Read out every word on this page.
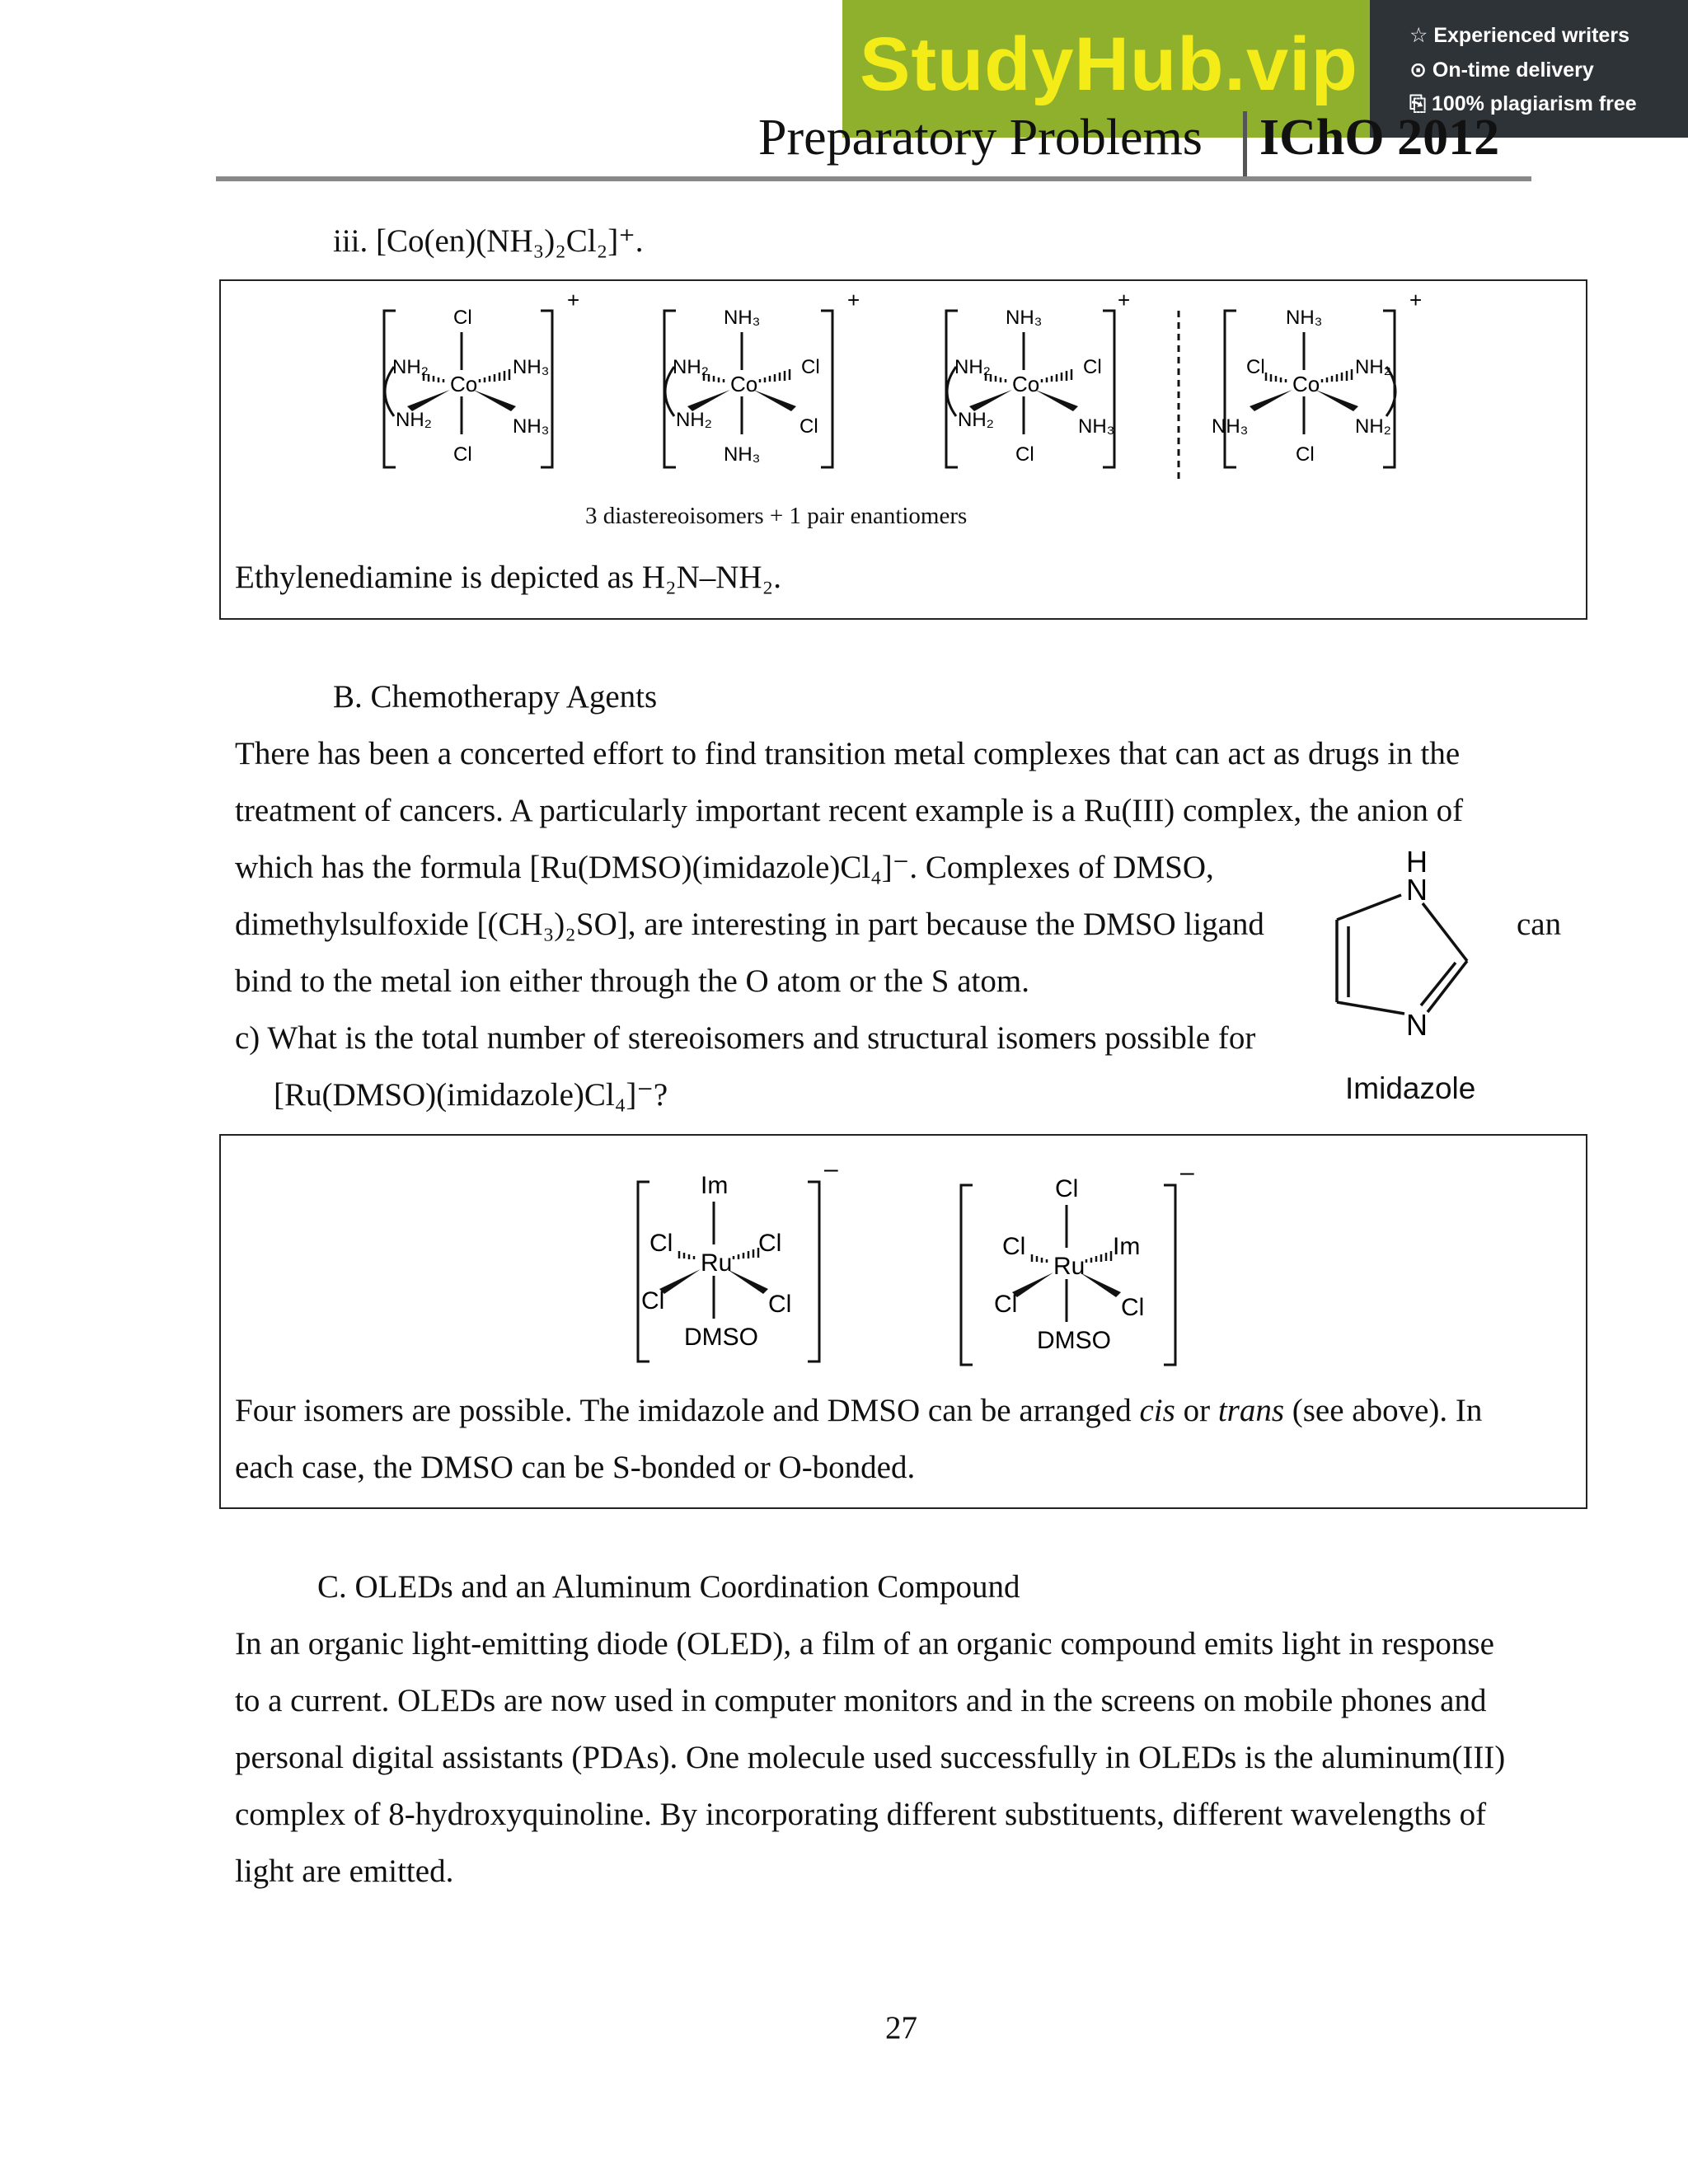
Preparatory Problems IChO 2012
StudyHub.vip ☆ Experienced writers
⊙ On-time delivery
⎘ 100% plagiarism free
iii. [Co(en)(NH₃)₂Cl₂]⁺.
+
Co
Cl
Cl
NH₂
NH₂
NH₃
NH₃
+
Co
NH₃
NH₃
NH₂
NH₂
Cl
Cl
+
Co
NH₃
Cl
NH₂
NH₂
Cl
NH₃
+
Co
NH₃
Cl
Cl
NH₃
NH₂
NH₂
3 diastereoisomers + 1 pair enantiomers
Ethylenediamine is depicted as H₂N–NH₂.
B. Chemotherapy Agents
There has been a concerted effort to find transition metal complexes that can act as drugs in the
treatment of cancers. A particularly important recent example is a Ru(III) complex, the anion of
which has the formula [Ru(DMSO)(imidazole)Cl₄]⁻. Complexes of DMSO,
dimethylsulfoxide [(CH₃)₂SO], are interesting in part because the DMSO ligand	can
bind to the metal ion either through the O atom or the S atom.
c) What is the total number of stereoisomers and structural isomers possible for
[Ru(DMSO)(imidazole)Cl₄]⁻?
H
N
N
Imidazole
–
Ru
Im
DMSO
Cl	Cl
Cl	Cl
–
Ru
Cl
DMSO
Cl	Im
Cl	Cl
Four isomers are possible. The imidazole and DMSO can be arranged cis or trans (see above). In
each case, the DMSO can be S-bonded or O-bonded.
C. OLEDs and an Aluminum Coordination Compound
In an organic light-emitting diode (OLED), a film of an organic compound emits light in response
to a current. OLEDs are now used in computer monitors and in the screens on mobile phones and
personal digital assistants (PDAs). One molecule used successfully in OLEDs is the aluminum(III)
complex of 8-hydroxyquinoline. By incorporating different substituents, different wavelengths of
light are emitted.
27
